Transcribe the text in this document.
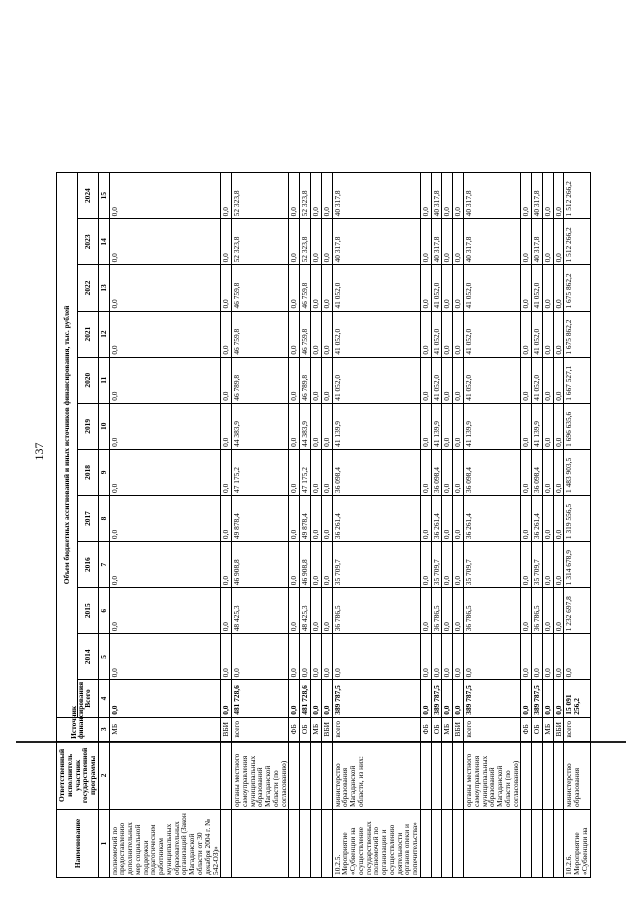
137
Наименование	Ответственный исполнитель участник государственной программы	Источник финансирования	Объем бюджетных ассигнований и иных источников финансирования, тыс. рублей											
			Всего	2014	2015	2016	2017	2018	2019	2020	2021	2022	2023	2024
1	2	3	4	5	6	7	8	9	10	11	12	13	14	15
полномочий по предоставлению дополнительных мер социальной поддержки педагогическим работникам муниципальных образовательных организаций (Закон Магаданской области от 30 декабря 2004 г. № 542-ОЗ)»		МБ	0,0	0,0	0,0	0,0	0,0	0,0	0,0	0,0	0,0	0,0	0,0	0,0
		ВБИ	0,0	0,0	0,0	0,0	0,0	0,0	0,0	0,0	0,0	0,0	0,0	0,0
	органы местного самоуправления муниципальных образований Магаданской области (по согласованию)	всего	481 728,6	0,0	48 425,3	46 908,8	49 878,4	47 175,2	44 383,9	46 789,8	46 759,8	46 759,8	52 323,8	52 323,8
		ФБ	0,0	0,0	0,0	0,0	0,0	0,0	0,0	0,0	0,0	0,0	0,0	0,0
		ОБ	481 728,6	0,0	48 425,3	46 908,8	49 878,4	47 175,2	44 383,9	46 789,8	46 759,8	46 759,8	52 323,8	52 323,8
		МБ	0,0	0,0	0,0	0,0	0,0	0,0	0,0	0,0	0,0	0,0	0,0	0,0
		ВБИ	0,0	0,0	0,0	0,0	0,0	0,0	0,0	0,0	0,0	0,0	0,0	0,0
10.2.5. Мероприятие «Субвенции на осуществление государственных полномочий по организации и осуществлению деятельности органов опеки и попечительства»	министерство образования Магаданской области, из них:	всего	389 787,5	0,0	36 786,5	35 709,7	36 261,4	36 098,4	41 139,9	41 052,0	41 052,0	41 052,0	40 317,8	40 317,8
		ФБ	0,0	0,0	0,0	0,0	0,0	0,0	0,0	0,0	0,0	0,0	0,0	0,0
		ОБ	389 787,5	0,0	36 786,5	35 709,7	36 261,4	36 098,4	41 139,9	41 052,0	41 052,0	41 052,0	40 317,8	40 317,8
		МБ	0,0	0,0	0,0	0,0	0,0	0,0	0,0	0,0	0,0	0,0	0,0	0,0
		ВБИ	0,0	0,0	0,0	0,0	0,0	0,0	0,0	0,0	0,0	0,0	0,0	0,0
	органы местного самоуправления муниципальных образований Магаданской области (по согласованию)	всего	389 787,5	0,0	36 786,5	35 709,7	36 261,4	36 098,4	41 139,9	41 052,0	41 052,0	41 052,0	40 317,8	40 317,8
		ФБ	0,0	0,0	0,0	0,0	0,0	0,0	0,0	0,0	0,0	0,0	0,0	0,0
		ОБ	389 787,5	0,0	36 786,5	35 709,7	36 261,4	36 098,4	41 139,9	41 052,0	41 052,0	41 052,0	40 317,8	40 317,8
		МБ	0,0	0,0	0,0	0,0	0,0	0,0	0,0	0,0	0,0	0,0	0,0	0,0
		ВБИ	0,0	0,0	0,0	0,0	0,0	0,0	0,0	0,0	0,0	0,0	0,0	0,0
10.2.6. Мероприятие «Субвенции на	министерство образования	всего	15 091 256,2	0,0	1 232 697,8	1 314 678,9	1 319 556,5	1 483 903,5	1 696 635,6	1 667 527,1	1 675 862,2	1 675 862,2	1 512 266,2	1 512 266,2
